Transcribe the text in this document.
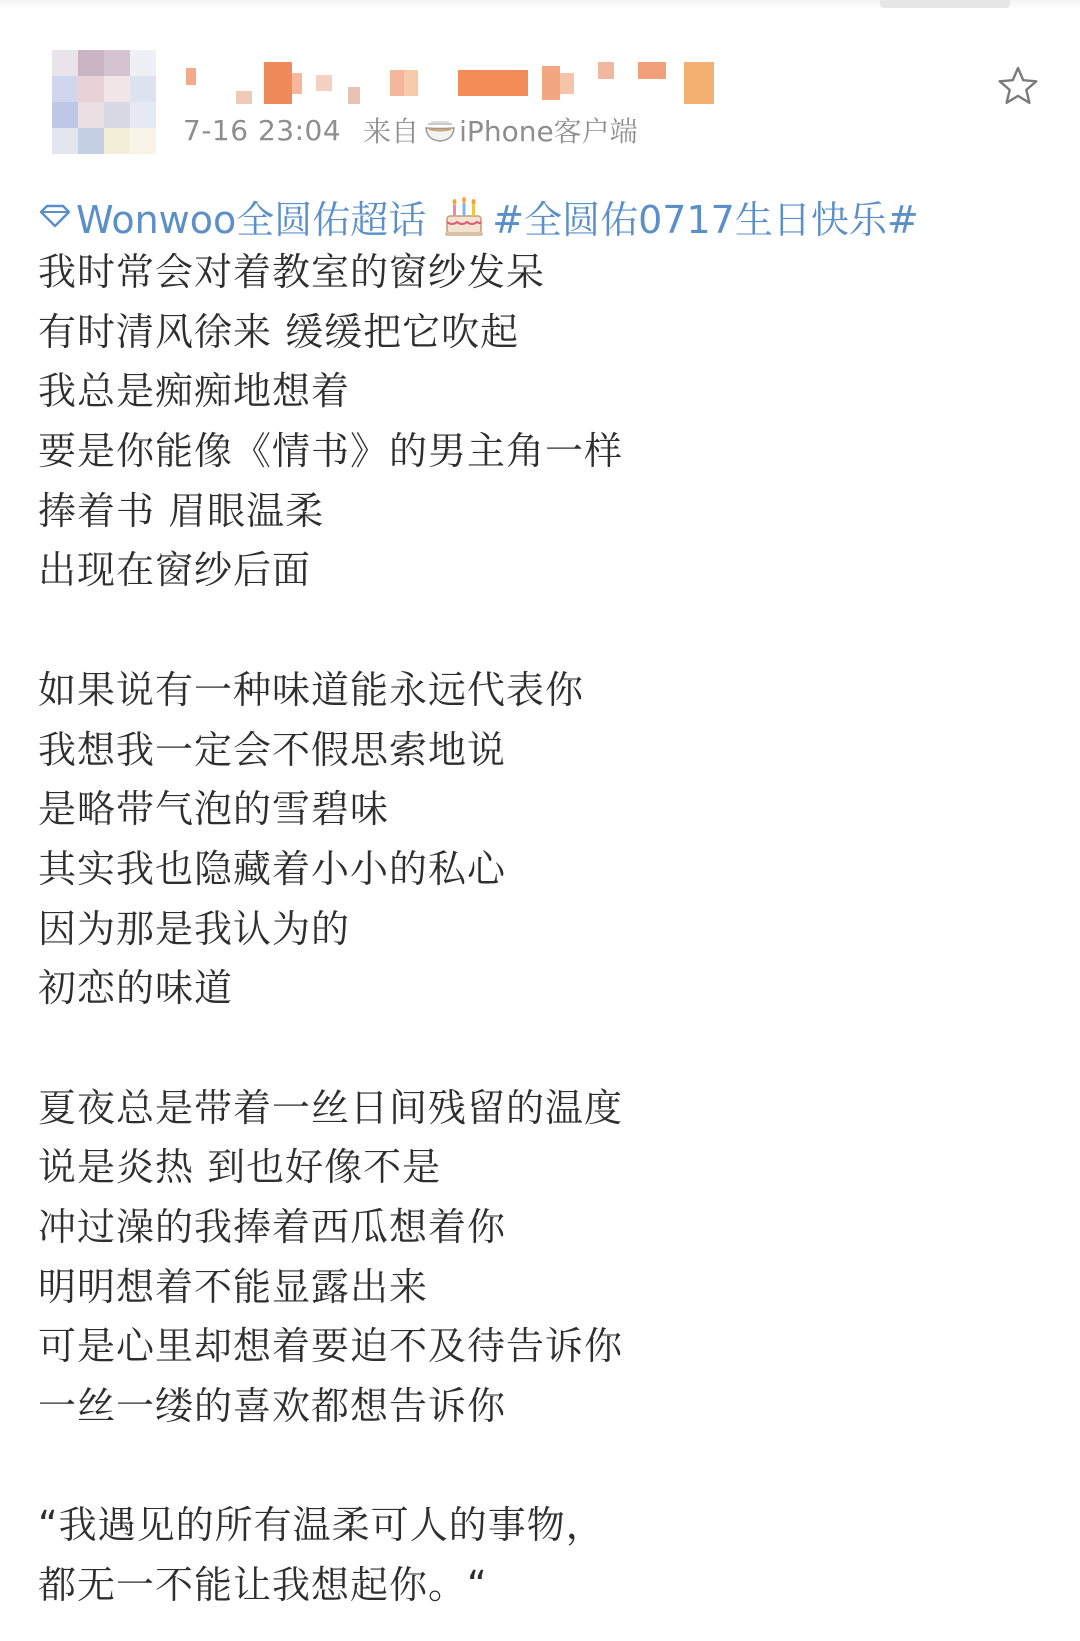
7-16 23:04 来自 iPhone客户端
Wonwoo全圆佑超话 #全圆佑0717生日快乐#
我时常会对着教室的窗纱发呆
有时清风徐来 缓缓把它吹起
我总是痴痴地想着
要是你能像《情书》的男主角一样
捧着书 眉眼温柔
出现在窗纱后面
如果说有一种味道能永远代表你
我想我一定会不假思索地说
是略带气泡的雪碧味
其实我也隐藏着小小的私心
因为那是我认为的
初恋的味道
夏夜总是带着一丝日间残留的温度
说是炎热 到也好像不是
冲过澡的我捧着西瓜想着你
明明想着不能显露出来
可是心里却想着要迫不及待告诉你
一丝一缕的喜欢都想告诉你
“我遇见的所有温柔可人的事物，
都无一不能让我想起你。“
